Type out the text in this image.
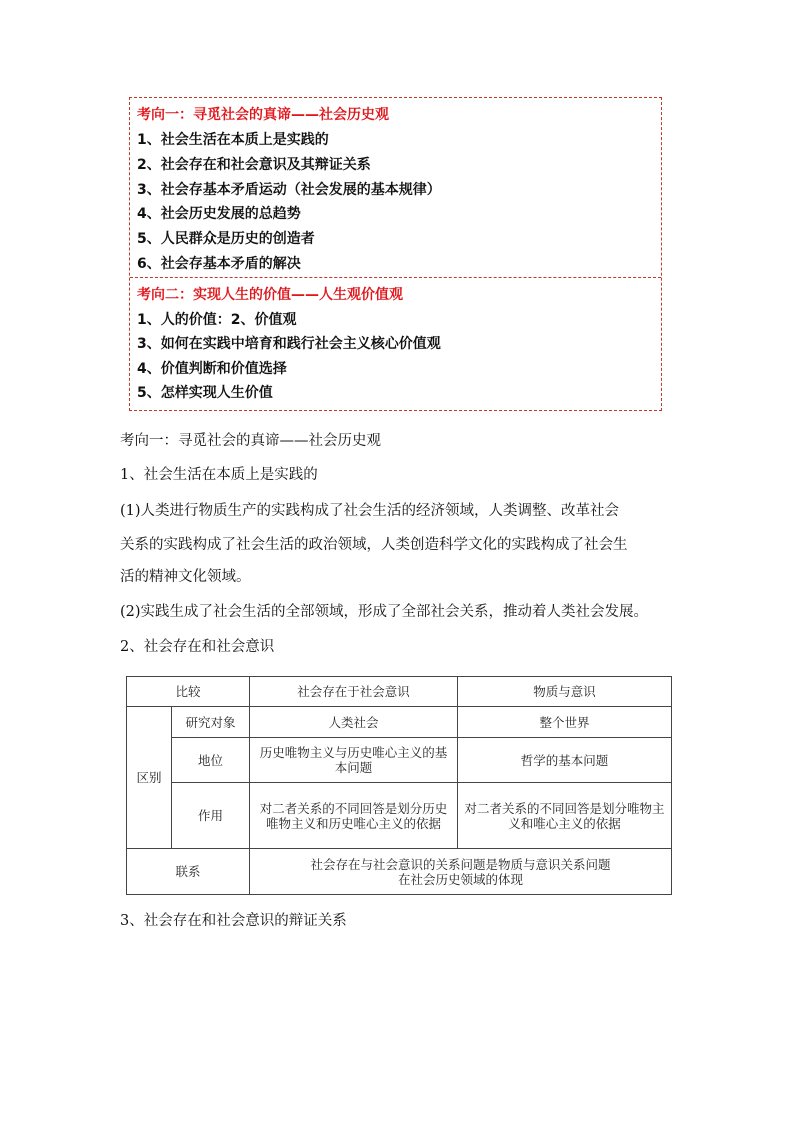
考向一：寻觅社会的真谛——社会历史观
1、社会生活在本质上是实践的
2、社会存在和社会意识及其辩证关系
3、社会存基本矛盾运动（社会发展的基本规律）
4、社会历史发展的总趋势
5、人民群众是历史的创造者
6、社会存基本矛盾的解决
考向二：实现人生的价值——人生观价值观
1、人的价值：2、价值观
3、如何在实践中培育和践行社会主义核心价值观
4、价值判断和价值选择
5、怎样实现人生价值
考向一：寻觅社会的真谛——社会历史观
1、社会生活在本质上是实践的
(1)人类进行物质生产的实践构成了社会生活的经济领域，人类调整、改革社会
关系的实践构成了社会生活的政治领域，人类创造科学文化的实践构成了社会生
活的精神文化领域。
(2)实践生成了社会生活的全部领域，形成了全部社会关系，推动着人类社会发展。
2、社会存在和社会意识
比较		社会存在于社会意识	物质与意识
区别	研究对象	人类社会	整个世界
	地位	历史唯物主义与历史唯心主义的基本问题	哲学的基本问题
	作用	对二者关系的不同回答是划分历史唯物主义和历史唯心主义的依据	对二者关系的不同回答是划分唯物主义和唯心主义的依据
联系		社会存在与社会意识的关系问题是物质与意识关系问题
在社会历史领域的体现	
3、社会存在和社会意识的辩证关系
